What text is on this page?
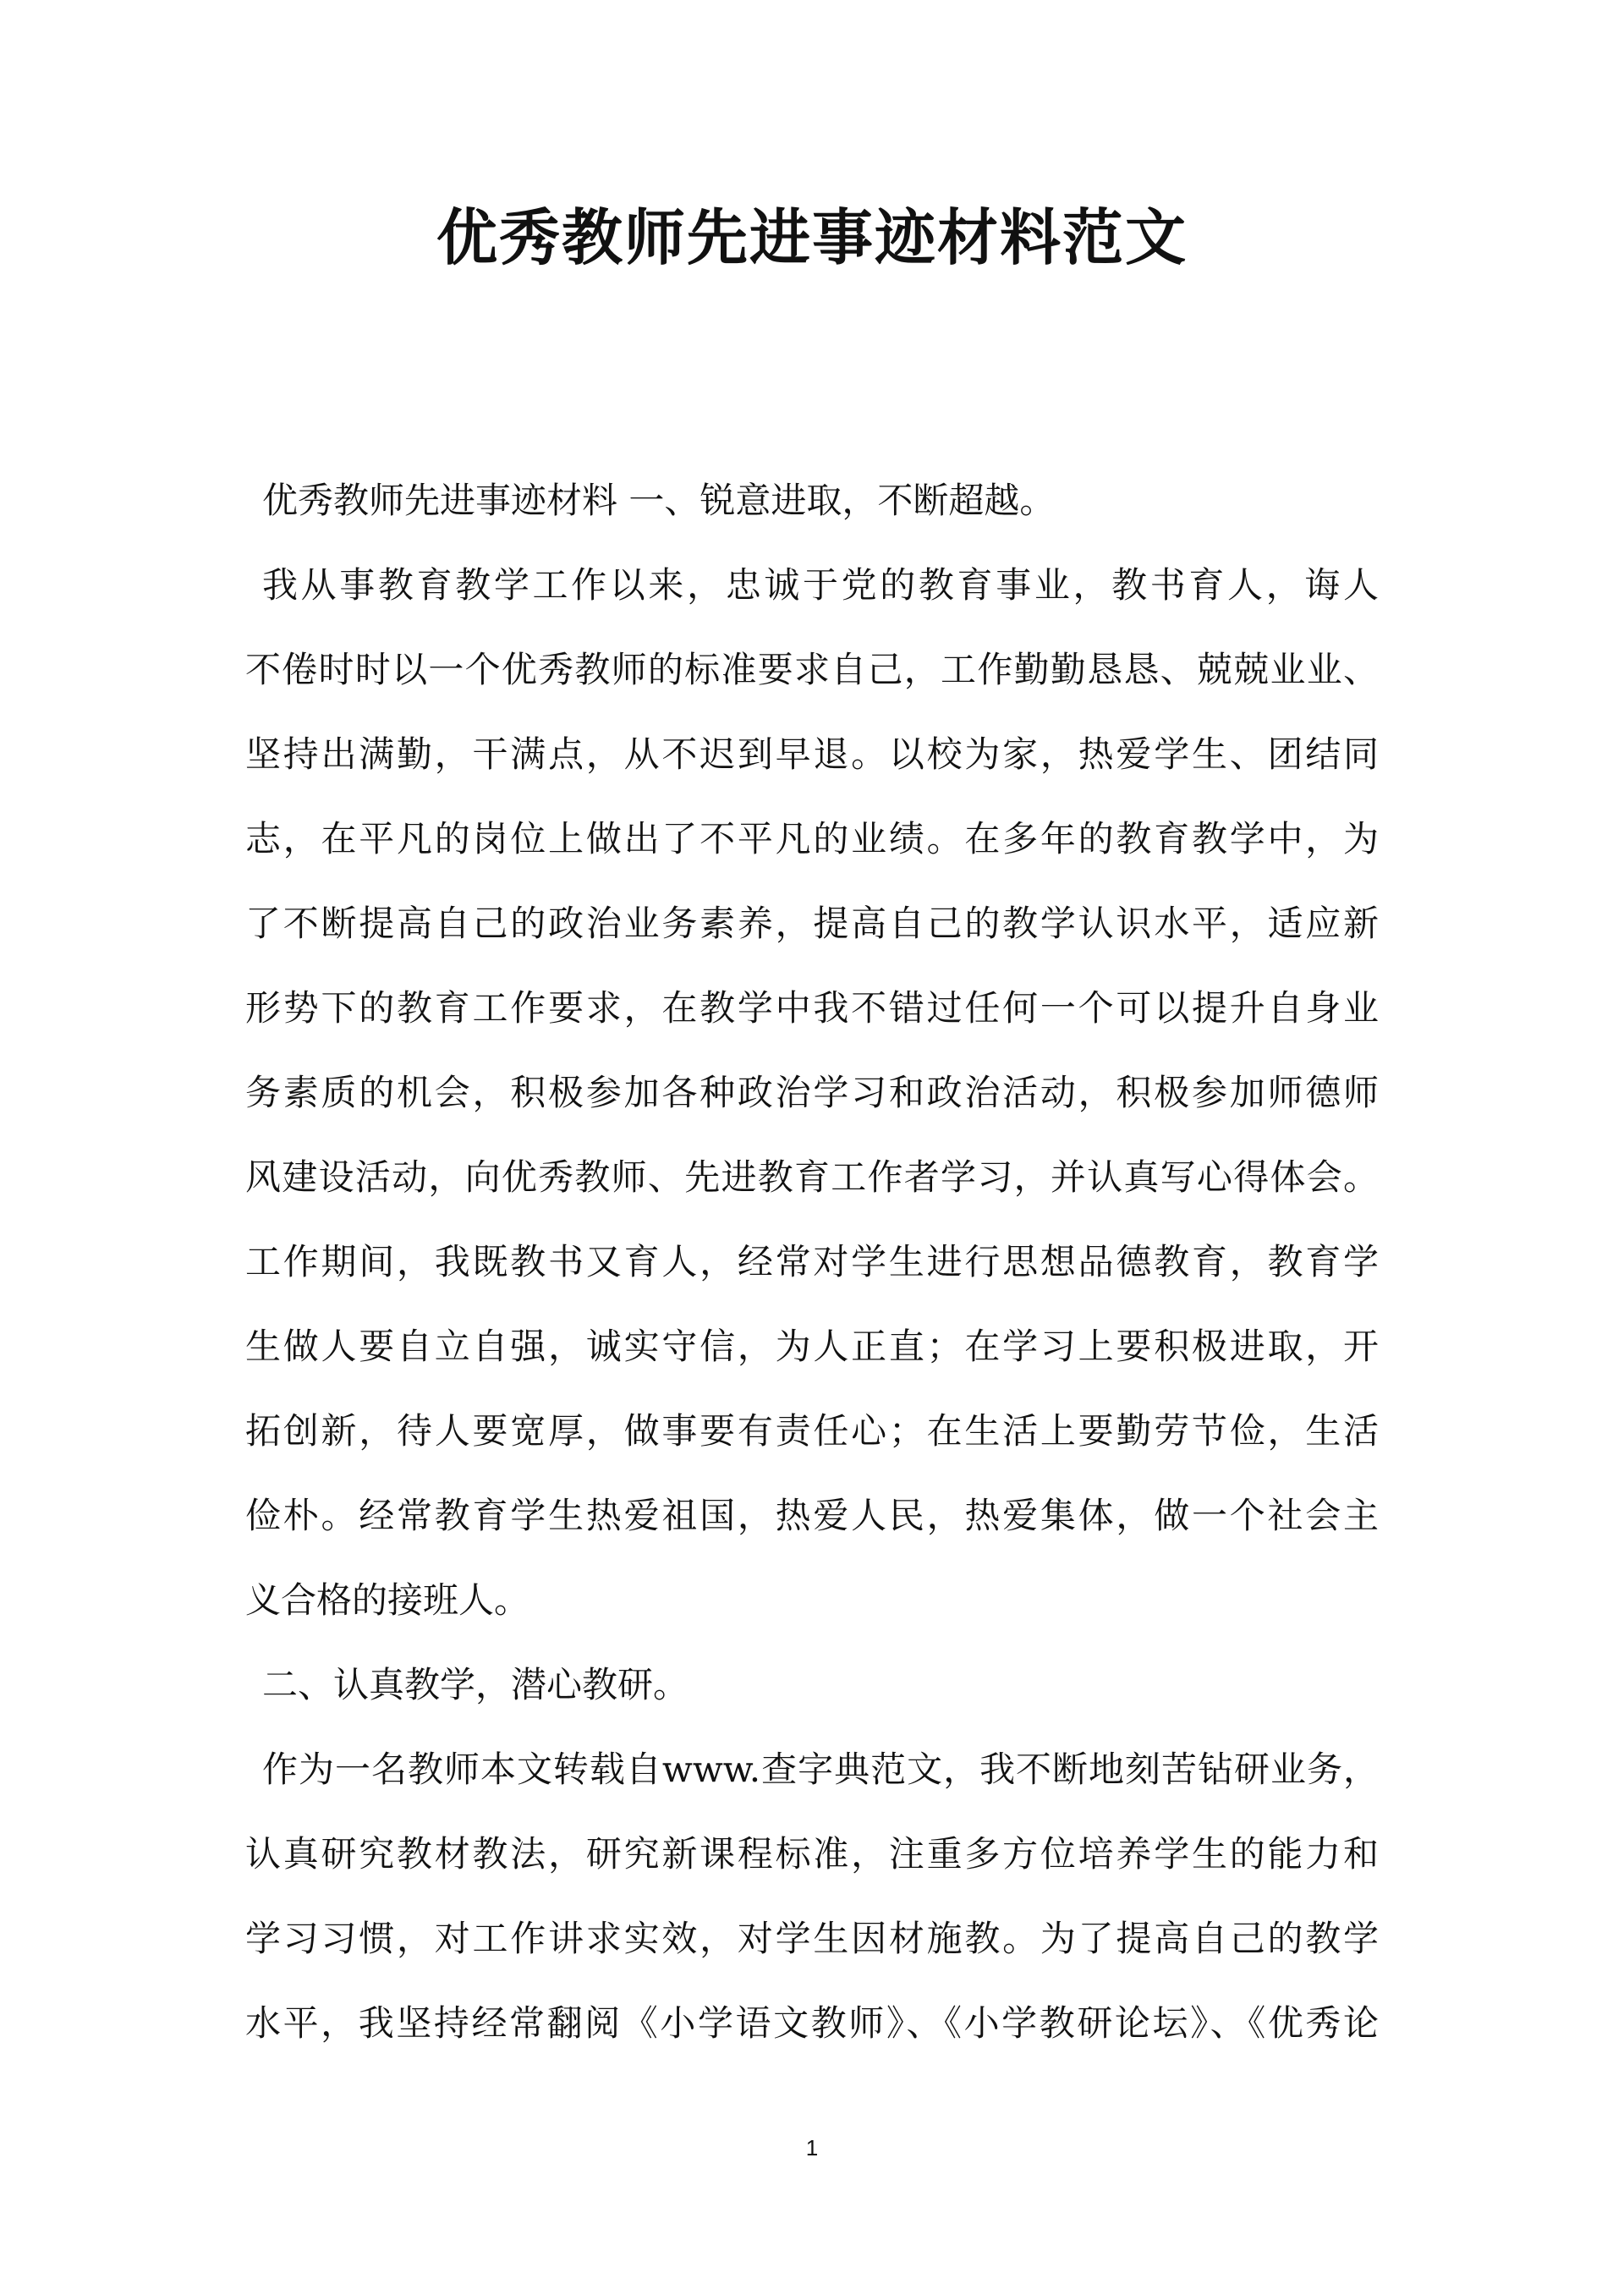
优秀教师先进事迹材料范文
优秀教师先进事迹材料 一、锐意进取，不断超越。
我从事教育教学工作以来，忠诚于党的教育事业，教书育人，诲人
不倦时时以一个优秀教师的标准要求自己，工作勤勤恳恳、兢兢业业、
坚持出满勤，干满点，从不迟到早退。以校为家，热爱学生、团结同
志，在平凡的岗位上做出了不平凡的业绩。在多年的教育教学中，为
了不断提高自己的政治业务素养，提高自己的教学认识水平，适应新
形势下的教育工作要求，在教学中我不错过任何一个可以提升自身业
务素质的机会，积极参加各种政治学习和政治活动，积极参加师德师
风建设活动，向优秀教师、先进教育工作者学习，并认真写心得体会。
工作期间，我既教书又育人，经常对学生进行思想品德教育，教育学
生做人要自立自强，诚实守信，为人正直；在学习上要积极进取，开
拓创新，待人要宽厚，做事要有责任心；在生活上要勤劳节俭，生活
俭朴。经常教育学生热爱祖国，热爱人民，热爱集体，做一个社会主
义合格的接班人。
二、认真教学，潜心教研。
作为一名教师本文转载自www.查字典范文，我不断地刻苦钻研业务，
认真研究教材教法，研究新课程标准，注重多方位培养学生的能力和
学习习惯，对工作讲求实效，对学生因材施教。为了提高自己的教学
水平，我坚持经常翻阅《小学语文教师》、《小学教研论坛》、《优秀论
1
